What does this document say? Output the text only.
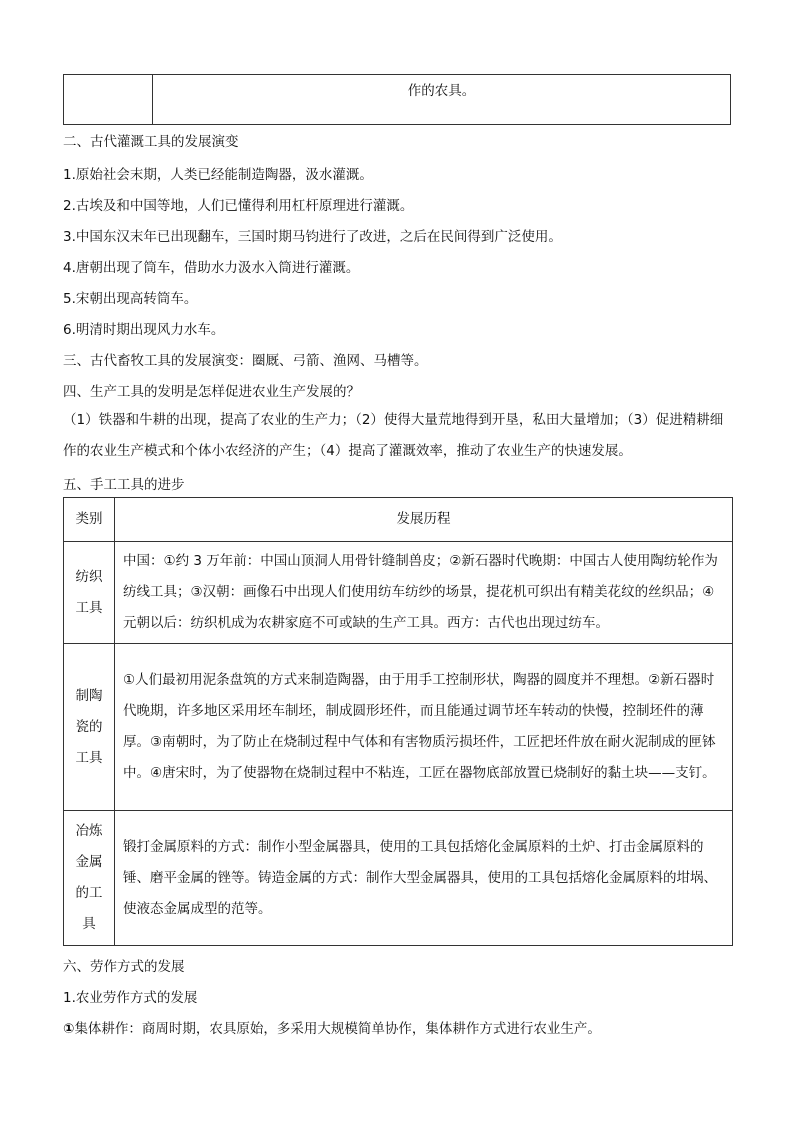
	作的农具。
二、古代灌溉工具的发展演变
1.原始社会末期，人类已经能制造陶器，汲水灌溉。
2.古埃及和中国等地，人们已懂得利用杠杆原理进行灌溉。
3.中国东汉末年已出现翻车，三国时期马钧进行了改进，之后在民间得到广泛使用。
4.唐朝出现了筒车，借助水力汲水入筒进行灌溉。
5.宋朝出现高转筒车。
6.明清时期出现风力水车。
三、古代畜牧工具的发展演变：圈厩、弓箭、渔网、马槽等。
四、生产工具的发明是怎样促进农业生产发展的？
（1）铁器和牛耕的出现，提高了农业的生产力；（2）使得大量荒地得到开垦，私田大量增加；（3）促进精耕细作的农业生产模式和个体小农经济的产生；（4）提高了灌溉效率，推动了农业生产的快速发展。
五、手工工具的进步
类别	发展历程
纺织工具	中国：①约 3 万年前：中国山顶洞人用骨针缝制兽皮；②新石器时代晚期：中国古人使用陶纺轮作为纺线工具；③汉朝：画像石中出现人们使用纺车纺纱的场景，提花机可织出有精美花纹的丝织品；④元朝以后：纺织机成为农耕家庭不可或缺的生产工具。西方：古代也出现过纺车。
制陶瓷的工具	①人们最初用泥条盘筑的方式来制造陶器，由于用手工控制形状，陶器的圆度并不理想。②新石器时代晚期，许多地区采用坯车制坯，制成圆形坯件，而且能通过调节坯车转动的快慢，控制坯件的薄厚。③南朝时，为了防止在烧制过程中气体和有害物质污损坯件，工匠把坯件放在耐火泥制成的匣钵中。④唐宋时，为了使器物在烧制过程中不粘连，工匠在器物底部放置已烧制好的黏土块——支钉。
冶炼金属的工具	锻打金属原料的方式：制作小型金属器具，使用的工具包括熔化金属原料的土炉、打击金属原料的锤、磨平金属的锉等。铸造金属的方式：制作大型金属器具，使用的工具包括熔化金属原料的坩埚、使液态金属成型的范等。
六、劳作方式的发展
1.农业劳作方式的发展
①集体耕作：商周时期，农具原始，多采用大规模简单协作，集体耕作方式进行农业生产。
